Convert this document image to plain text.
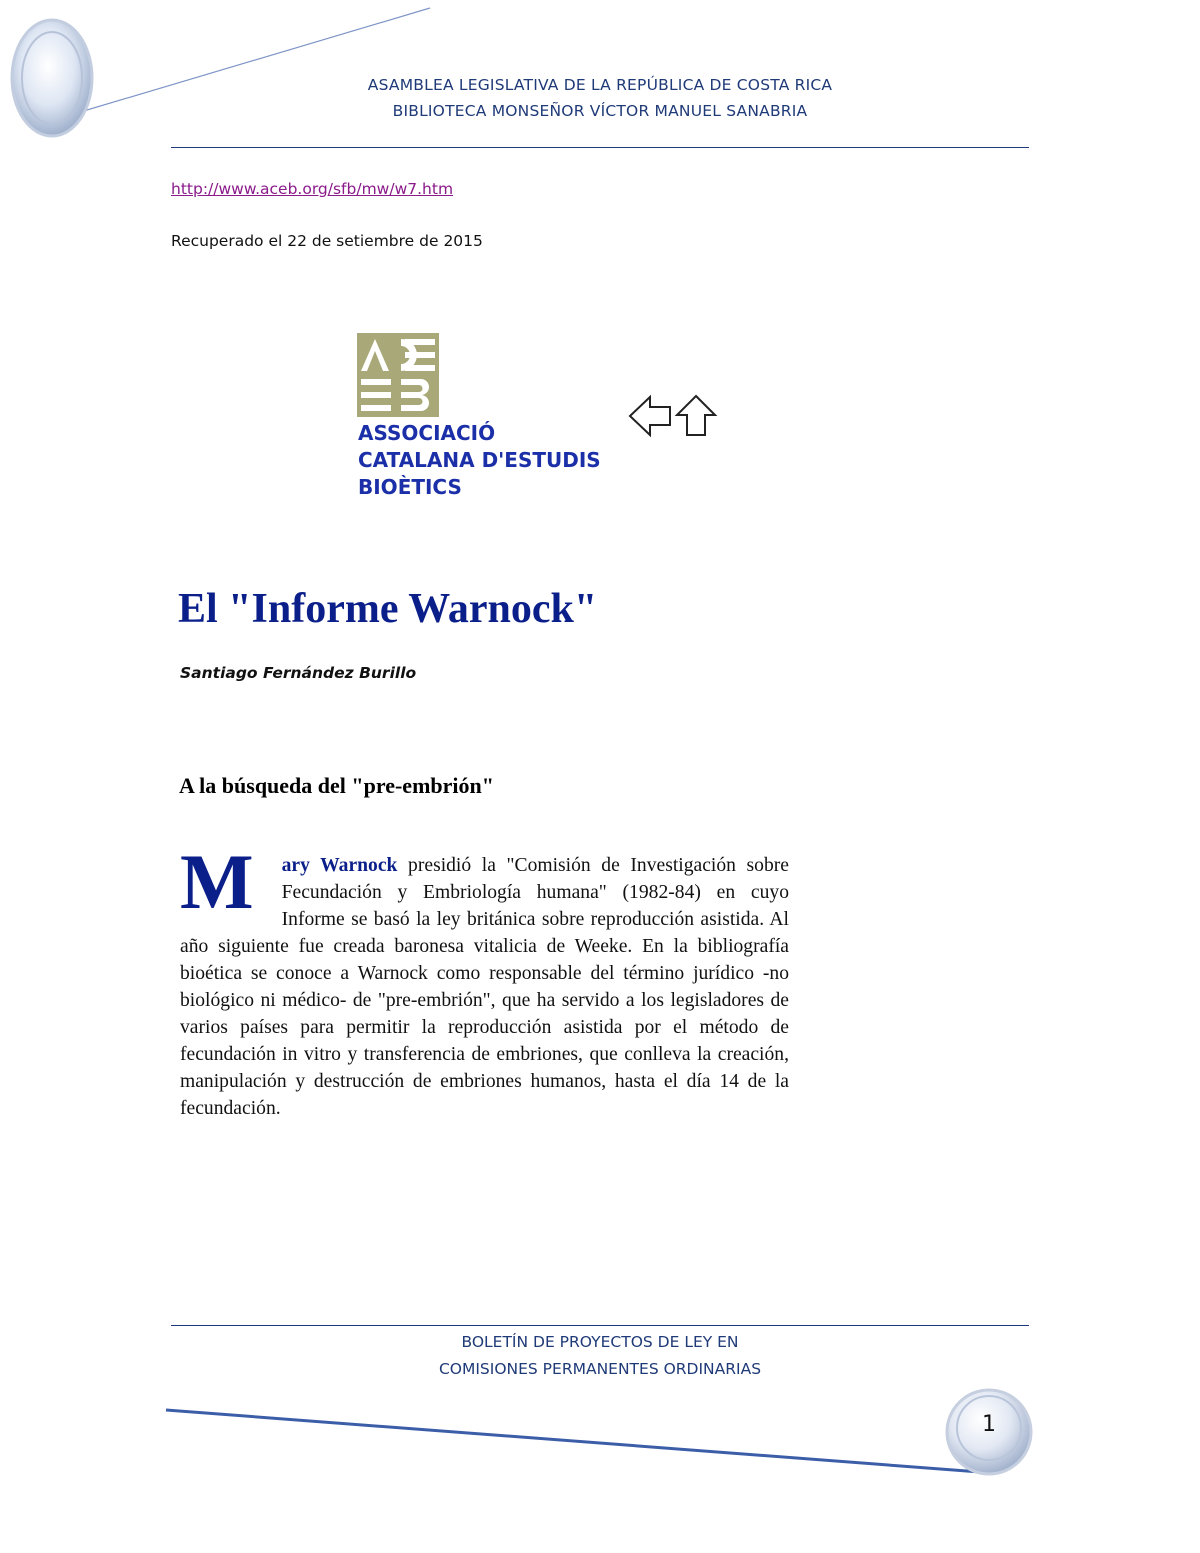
ASAMBLEA LEGISLATIVA DE LA REPÚBLICA DE COSTA RICA
BIBLIOTECA MONSEÑOR VÍCTOR MANUEL SANABRIA
http://www.aceb.org/sfb/mw/w7.htm
Recuperado el 22 de setiembre de 2015
ASSOCIACIÓ
CATALANA D'ESTUDIS
BIOÈTICS
El "Informe Warnock"
Santiago Fernández Burillo
A la búsqueda del "pre-embrión"
M	ary Warnock presidió la "Comisión de Investigación sobre Fecundación y Embriología humana" (1982-84) en cuyo Informe se basó la ley británica sobre reproducción asistida. Al año siguiente fue creada baronesa vitalicia de Weeke. En la bibliografía bioética se conoce a Warnock como responsable del término jurídico -no biológico ni médico- de "pre-embrión", que ha servido a los legisladores de varios países para permitir la reproducción asistida por el método de fecundación in vitro y transferencia de embriones, que conlleva la creación, manipulación y destrucción de embriones humanos, hasta el día 14 de la fecundación.

BOLETÍN DE PROYECTOS DE LEY EN
COMISIONES PERMANENTES ORDINARIAS
1
